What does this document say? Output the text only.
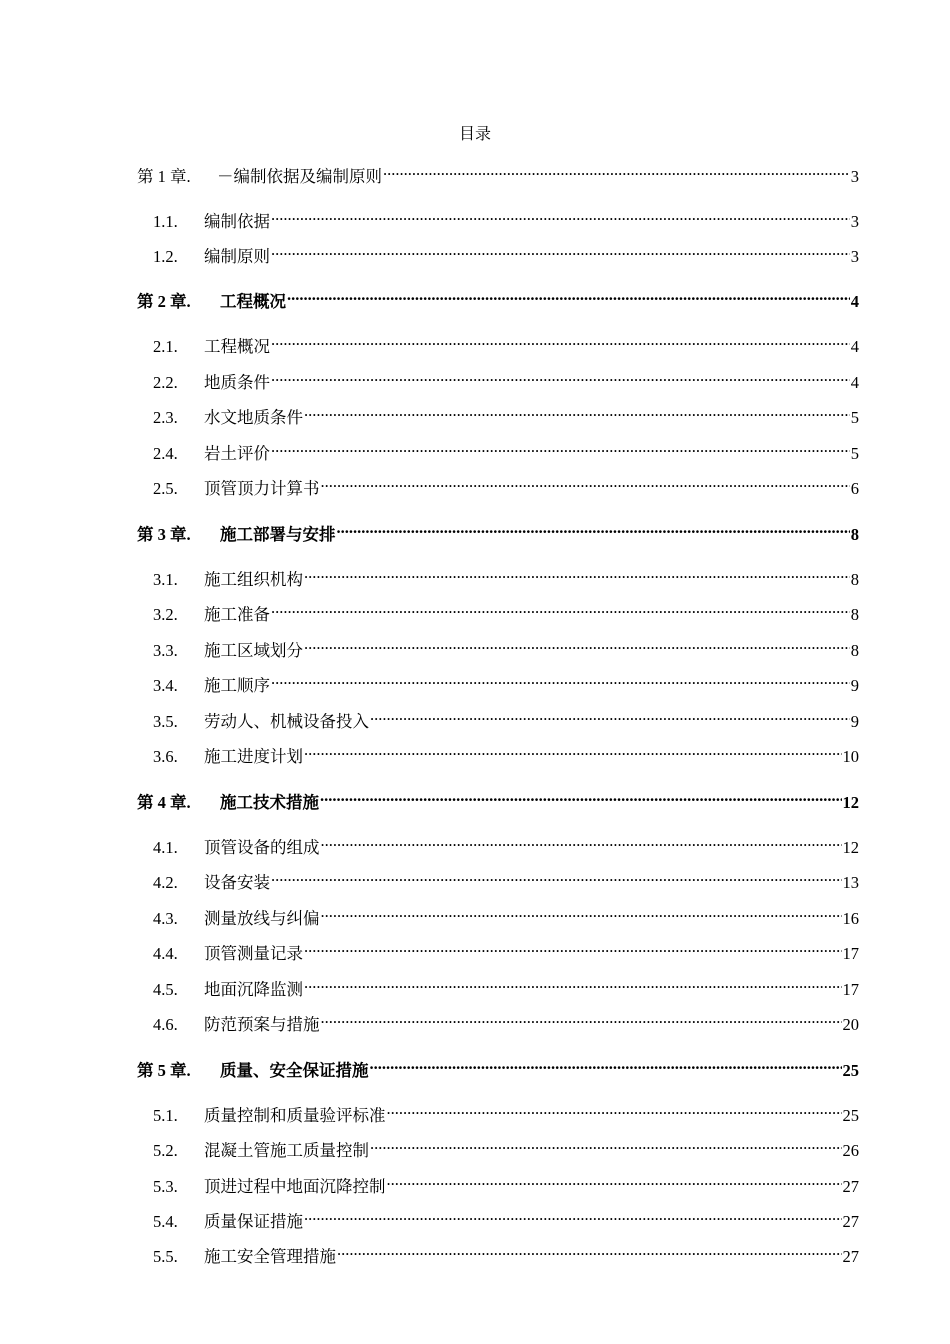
目录
第 1 章.	－编制依据及编制原则 .....	3
1.1.	编制依据 .....	3
1.2.	编制原则 .....	3
第 2 章.	工程概况 .....	4
2.1.	工程概况 .....	4
2.2.	地质条件 .....	4
2.3.	水文地质条件 .....	5
2.4.	岩土评价 .....	5
2.5.	顶管顶力计算书 .....	6
第 3 章.	施工部署与安排 .....	8
3.1.	施工组织机构 .....	8
3.2.	施工准备 .....	8
3.3.	施工区域划分 .....	8
3.4.	施工顺序 .....	9
3.5.	劳动人、机械设备投入 .....	9
3.6.	施工进度计划 .....	10
第 4 章.	施工技术措施 .....	12
4.1.	顶管设备的组成 .....	12
4.2.	设备安装 .....	13
4.3.	测量放线与纠偏 .....	16
4.4.	顶管测量记录 .....	17
4.5.	地面沉降监测 .....	17
4.6.	防范预案与措施 .....	20
第 5 章.	质量、安全保证措施 .....	25
5.1.	质量控制和质量验评标准 .....	25
5.2.	混凝土管施工质量控制 .....	26
5.3.	顶进过程中地面沉降控制 .....	27
5.4.	质量保证措施 .....	27
5.5.	施工安全管理措施 .....	27
